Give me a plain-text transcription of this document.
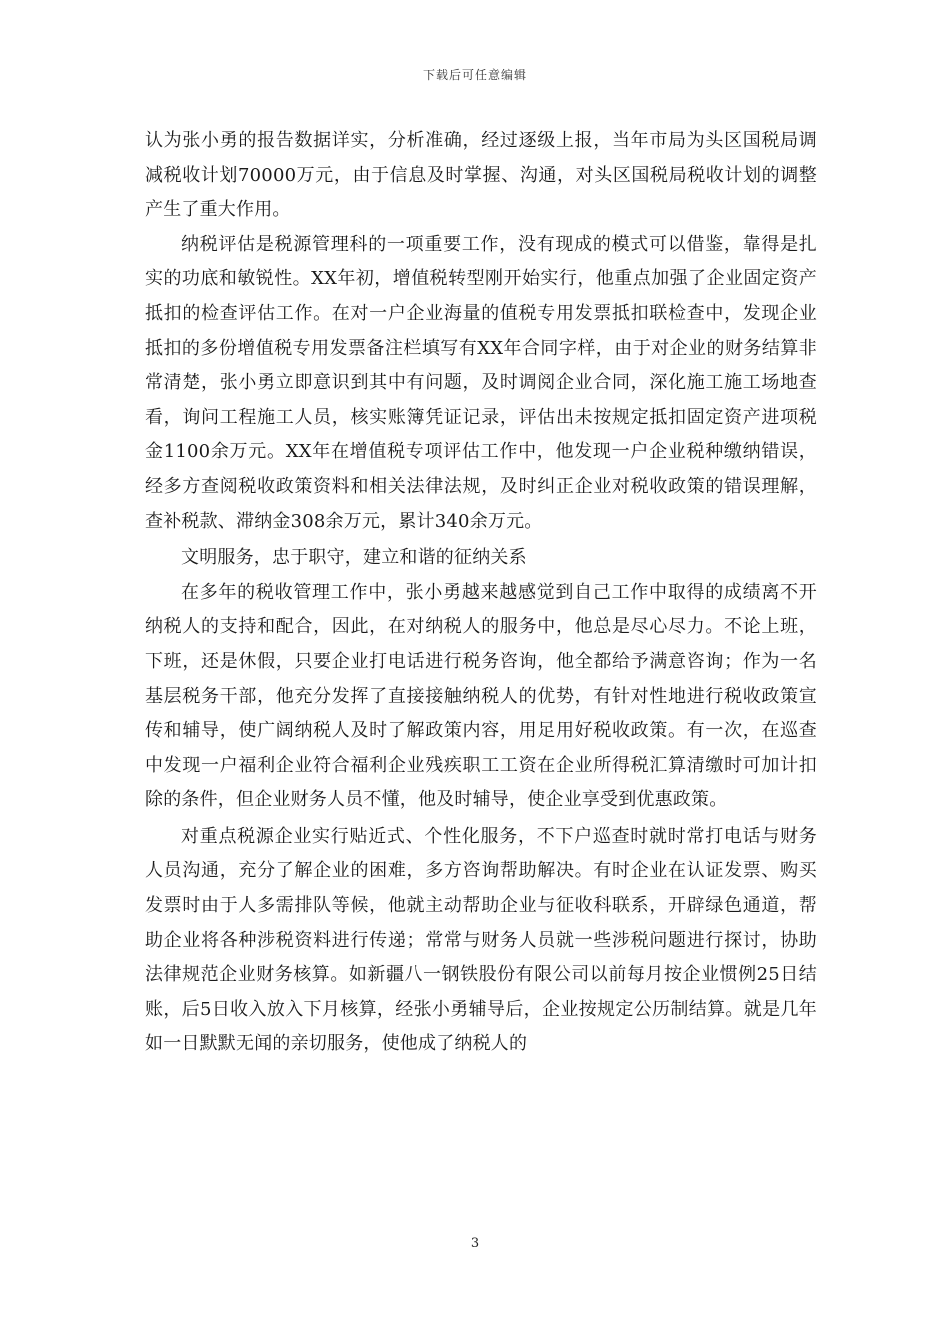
下载后可任意编辑

认为张小勇的报告数据详实，分析准确，经过逐级上报，当年市局为头区国税局调减税收计划70000万元，由于信息及时掌握、沟通，对头区国税局税收计划的调整产生了重大作用。

纳税评估是税源管理科的一项重要工作，没有现成的模式可以借鉴，靠得是扎实的功底和敏锐性。XX年初，增值税转型刚开始实行，他重点加强了企业固定资产抵扣的检查评估工作。在对一户企业海量的值税专用发票抵扣联检查中，发现企业抵扣的多份增值税专用发票备注栏填写有XX年合同字样，由于对企业的财务结算非常清楚，张小勇立即意识到其中有问题，及时调阅企业合同，深化施工施工场地查看，询问工程施工人员，核实账簿凭证记录，评估出未按规定抵扣固定资产进项税金1100余万元。XX年在增值税专项评估工作中，他发现一户企业税种缴纳错误，经多方查阅税收政策资料和相关法律法规，及时纠正企业对税收政策的错误理解，查补税款、滞纳金308余万元，累计340余万元。

文明服务，忠于职守，建立和谐的征纳关系

在多年的税收管理工作中，张小勇越来越感觉到自己工作中取得的成绩离不开纳税人的支持和配合，因此，在对纳税人的服务中，他总是尽心尽力。不论上班，下班，还是休假，只要企业打电话进行税务咨询，他全都给予满意咨询；作为一名基层税务干部，他充分发挥了直接接触纳税人的优势，有针对性地进行税收政策宣传和辅导，使广阔纳税人及时了解政策内容，用足用好税收政策。有一次，在巡查中发现一户福利企业符合福利企业残疾职工工资在企业所得税汇算清缴时可加计扣除的条件，但企业财务人员不懂，他及时辅导，使企业享受到优惠政策。

对重点税源企业实行贴近式、个性化服务，不下户巡查时就时常打电话与财务人员沟通，充分了解企业的困难，多方咨询帮助解决。有时企业在认证发票、购买发票时由于人多需排队等候，他就主动帮助企业与征收科联系，开辟绿色通道，帮助企业将各种涉税资料进行传递；常常与财务人员就一些涉税问题进行探讨，协助法律规范企业财务核算。如新疆八一钢铁股份有限公司以前每月按企业惯例25日结账，后5日收入放入下月核算，经张小勇辅导后，企业按规定公历制结算。就是几年如一日默默无闻的亲切服务，使他成了纳税人的

3
